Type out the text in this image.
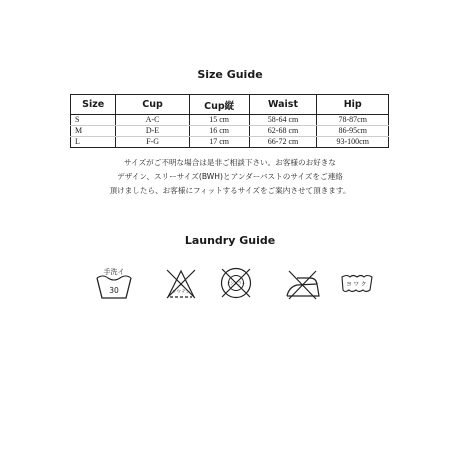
Size Guide
Size	Cup	Cup縦	Waist	Hip
S	A-C	15 cm	58-64 cm	78-87cm
M	D-E	16 cm	62-68 cm	86-95cm
L	F-G	17 cm	66-72 cm	93-100cm
サイズがご不明な場合は是非ご相談下さい。お客様のお好きな
デザイン、スリーサイズ(BWH)とアンダーバストのサイズをご連絡
頂けましたら、お客様にフィットするサイズをご案内させて頂きます。
Laundry Guide
手洗イ
30
エ
ソウテン
タンブラー	ヨワク
